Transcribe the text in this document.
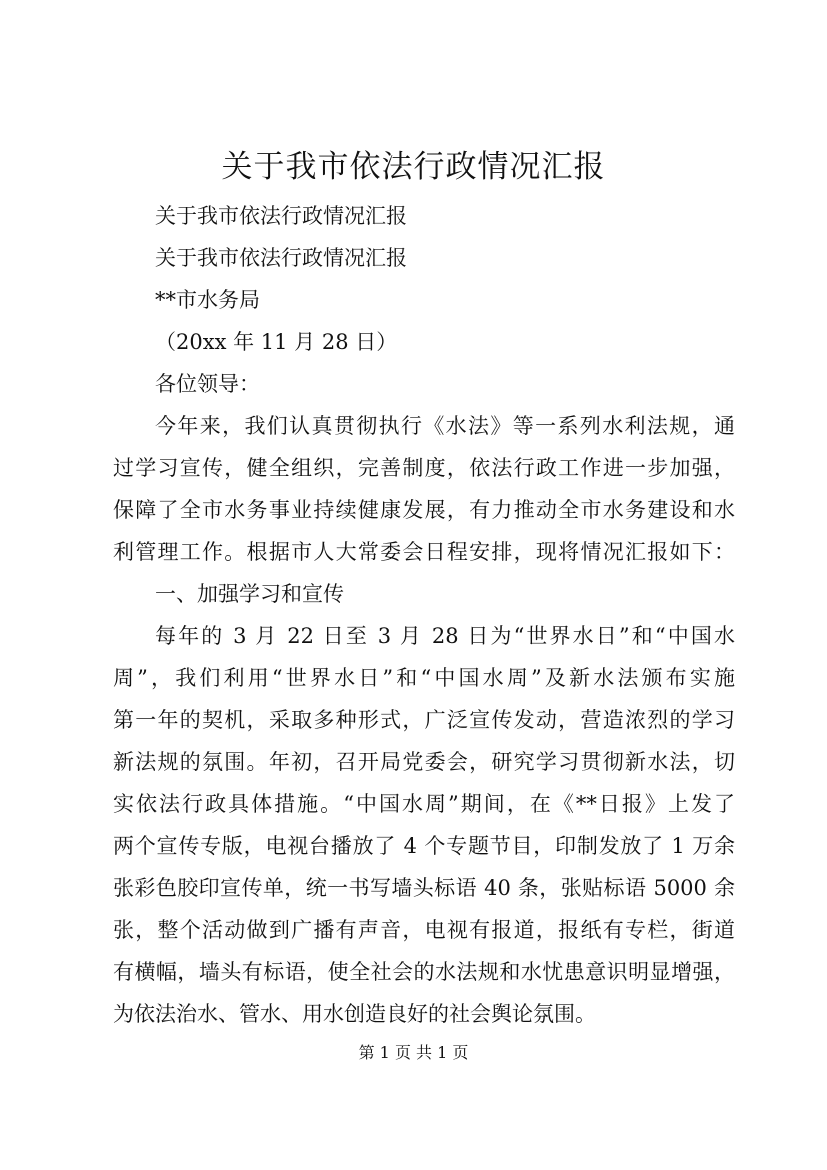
关于我市依法行政情况汇报
关于我市依法行政情况汇报
关于我市依法行政情况汇报
**市水务局
（20xx 年 11 月 28 日）
各位领导：
今年来，我们认真贯彻执行《水法》等一系列水利法规，通
过学习宣传，健全组织，完善制度，依法行政工作进一步加强，
保障了全市水务事业持续健康发展，有力推动全市水务建设和水
利管理工作。根据市人大常委会日程安排，现将情况汇报如下：
一、加强学习和宣传
每年的 3 月 22 日至 3 月 28 日为“世界水日”和“中国水
周”，我们利用“世界水日”和“中国水周”及新水法颁布实施
第一年的契机，采取多种形式，广泛宣传发动，营造浓烈的学习
新法规的氛围。年初，召开局党委会，研究学习贯彻新水法，切
实依法行政具体措施。“中国水周”期间，在《**日报》上发了
两个宣传专版，电视台播放了 4 个专题节目，印制发放了 1 万余
张彩色胶印宣传单，统一书写墙头标语 40 条，张贴标语 5000 余
张，整个活动做到广播有声音，电视有报道，报纸有专栏，街道
有横幅，墙头有标语，使全社会的水法规和水忧患意识明显增强，
为依法治水、管水、用水创造良好的社会舆论氛围。
第 1 页 共 1 页
